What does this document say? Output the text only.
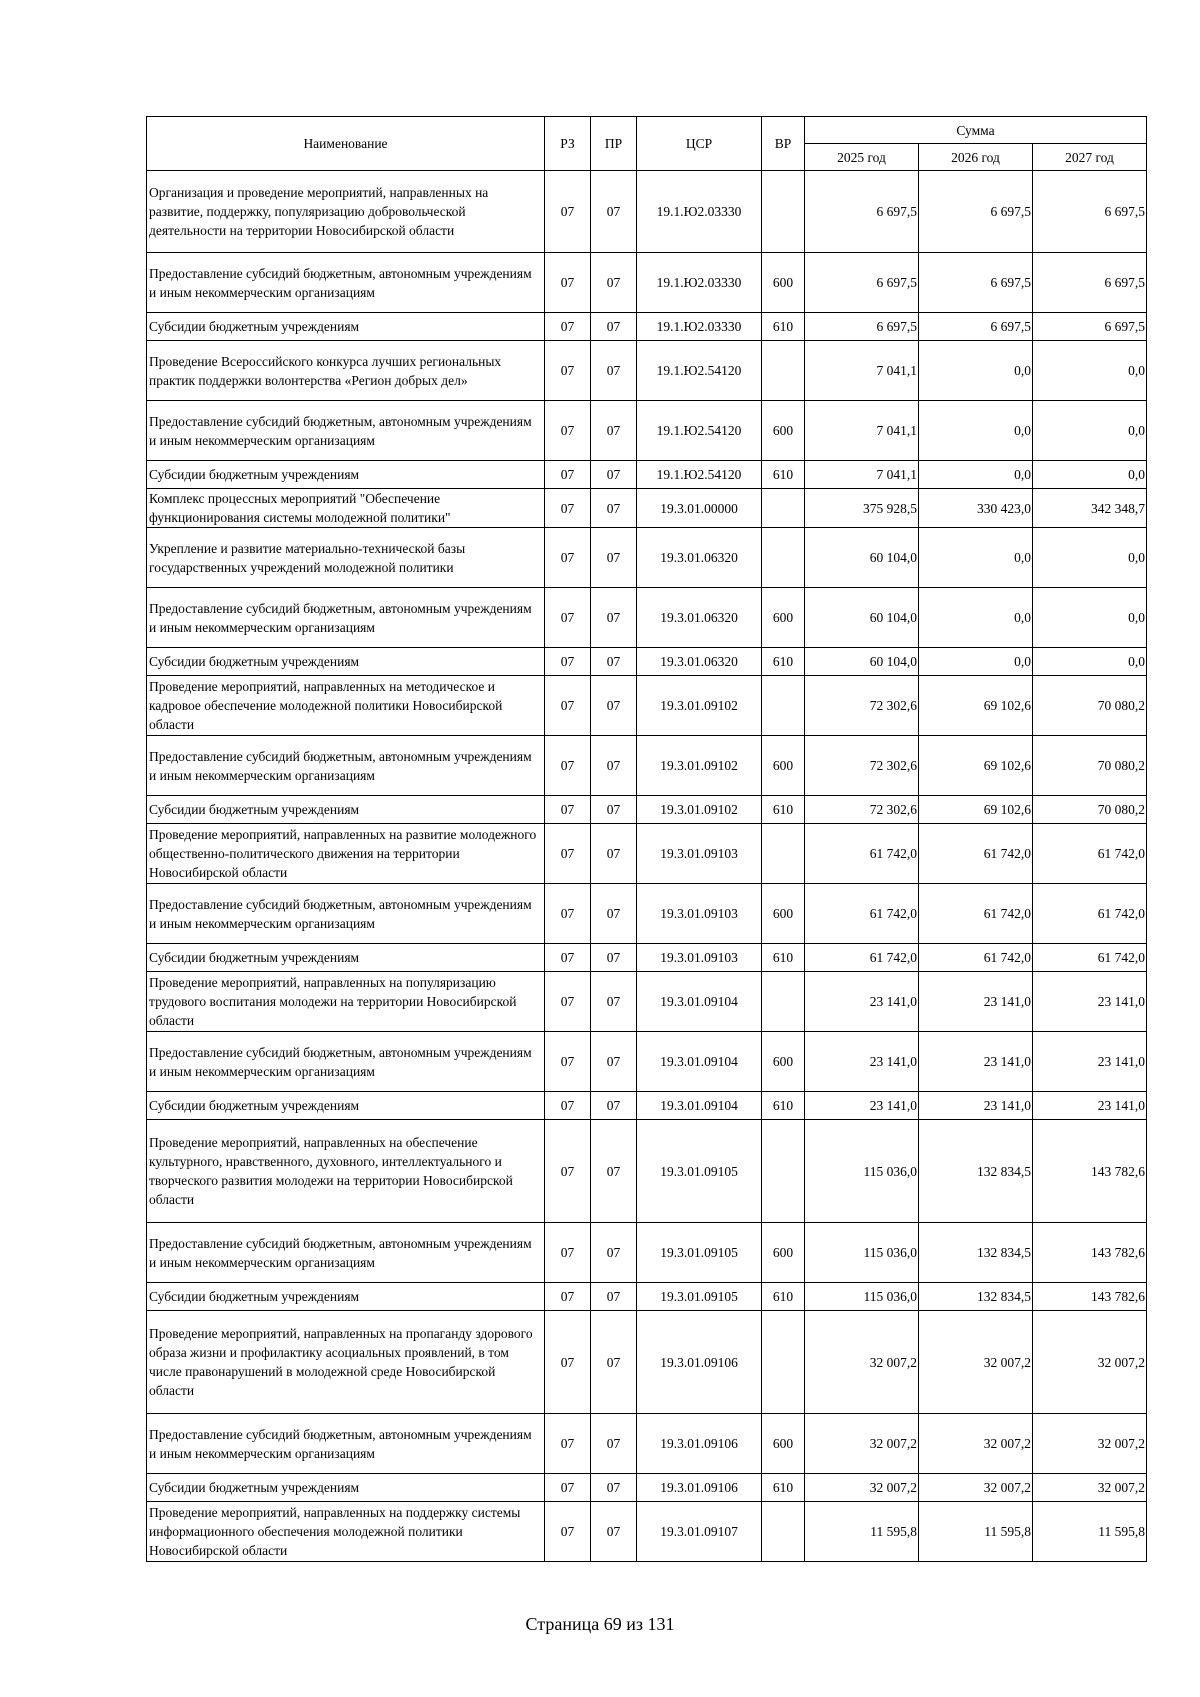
Наименование	РЗ	ПР	ЦСР	ВР	Сумма		
					2025 год	2026 год	2027 год
Организация и проведение мероприятий, направленных на развитие, поддержку, популяризацию добровольческой деятельности на территории Новосибирской области	07	07	19.1.Ю2.03330		6 697,5	6 697,5	6 697,5
Предоставление субсидий бюджетным, автономным учреждениям и иным некоммерческим организациям	07	07	19.1.Ю2.03330	600	6 697,5	6 697,5	6 697,5
Субсидии бюджетным учреждениям	07	07	19.1.Ю2.03330	610	6 697,5	6 697,5	6 697,5
Проведение Всероссийского конкурса лучших региональных практик поддержки волонтерства «Регион добрых дел»	07	07	19.1.Ю2.54120		7 041,1	0,0	0,0
Предоставление субсидий бюджетным, автономным учреждениям и иным некоммерческим организациям	07	07	19.1.Ю2.54120	600	7 041,1	0,0	0,0
Субсидии бюджетным учреждениям	07	07	19.1.Ю2.54120	610	7 041,1	0,0	0,0
Комплекс процессных мероприятий "Обеспечение функционирования системы молодежной политики"	07	07	19.3.01.00000		375 928,5	330 423,0	342 348,7
Укрепление и развитие материально-технической базы государственных учреждений молодежной политики	07	07	19.3.01.06320		60 104,0	0,0	0,0
Предоставление субсидий бюджетным, автономным учреждениям и иным некоммерческим организациям	07	07	19.3.01.06320	600	60 104,0	0,0	0,0
Субсидии бюджетным учреждениям	07	07	19.3.01.06320	610	60 104,0	0,0	0,0
Проведение мероприятий, направленных на методическое и кадровое обеспечение молодежной политики Новосибирской области	07	07	19.3.01.09102		72 302,6	69 102,6	70 080,2
Предоставление субсидий бюджетным, автономным учреждениям и иным некоммерческим организациям	07	07	19.3.01.09102	600	72 302,6	69 102,6	70 080,2
Субсидии бюджетным учреждениям	07	07	19.3.01.09102	610	72 302,6	69 102,6	70 080,2
Проведение мероприятий, направленных на развитие молодежного общественно-политического движения на территории Новосибирской области	07	07	19.3.01.09103		61 742,0	61 742,0	61 742,0
Предоставление субсидий бюджетным, автономным учреждениям и иным некоммерческим организациям	07	07	19.3.01.09103	600	61 742,0	61 742,0	61 742,0
Субсидии бюджетным учреждениям	07	07	19.3.01.09103	610	61 742,0	61 742,0	61 742,0
Проведение мероприятий, направленных на популяризацию трудового воспитания молодежи на территории Новосибирской области	07	07	19.3.01.09104		23 141,0	23 141,0	23 141,0
Предоставление субсидий бюджетным, автономным учреждениям и иным некоммерческим организациям	07	07	19.3.01.09104	600	23 141,0	23 141,0	23 141,0
Субсидии бюджетным учреждениям	07	07	19.3.01.09104	610	23 141,0	23 141,0	23 141,0
Проведение мероприятий, направленных на обеспечение культурного, нравственного, духовного, интеллектуального и творческого развития молодежи на территории Новосибирской области	07	07	19.3.01.09105		115 036,0	132 834,5	143 782,6
Предоставление субсидий бюджетным, автономным учреждениям и иным некоммерческим организациям	07	07	19.3.01.09105	600	115 036,0	132 834,5	143 782,6
Субсидии бюджетным учреждениям	07	07	19.3.01.09105	610	115 036,0	132 834,5	143 782,6
Проведение мероприятий, направленных на пропаганду здорового образа жизни и профилактику асоциальных проявлений, в том числе правонарушений в молодежной среде Новосибирской области	07	07	19.3.01.09106		32 007,2	32 007,2	32 007,2
Предоставление субсидий бюджетным, автономным учреждениям и иным некоммерческим организациям	07	07	19.3.01.09106	600	32 007,2	32 007,2	32 007,2
Субсидии бюджетным учреждениям	07	07	19.3.01.09106	610	32 007,2	32 007,2	32 007,2
Проведение мероприятий, направленных на поддержку системы информационного обеспечения молодежной политики Новосибирской области	07	07	19.3.01.09107		11 595,8	11 595,8	11 595,8
Страница 69 из 131
